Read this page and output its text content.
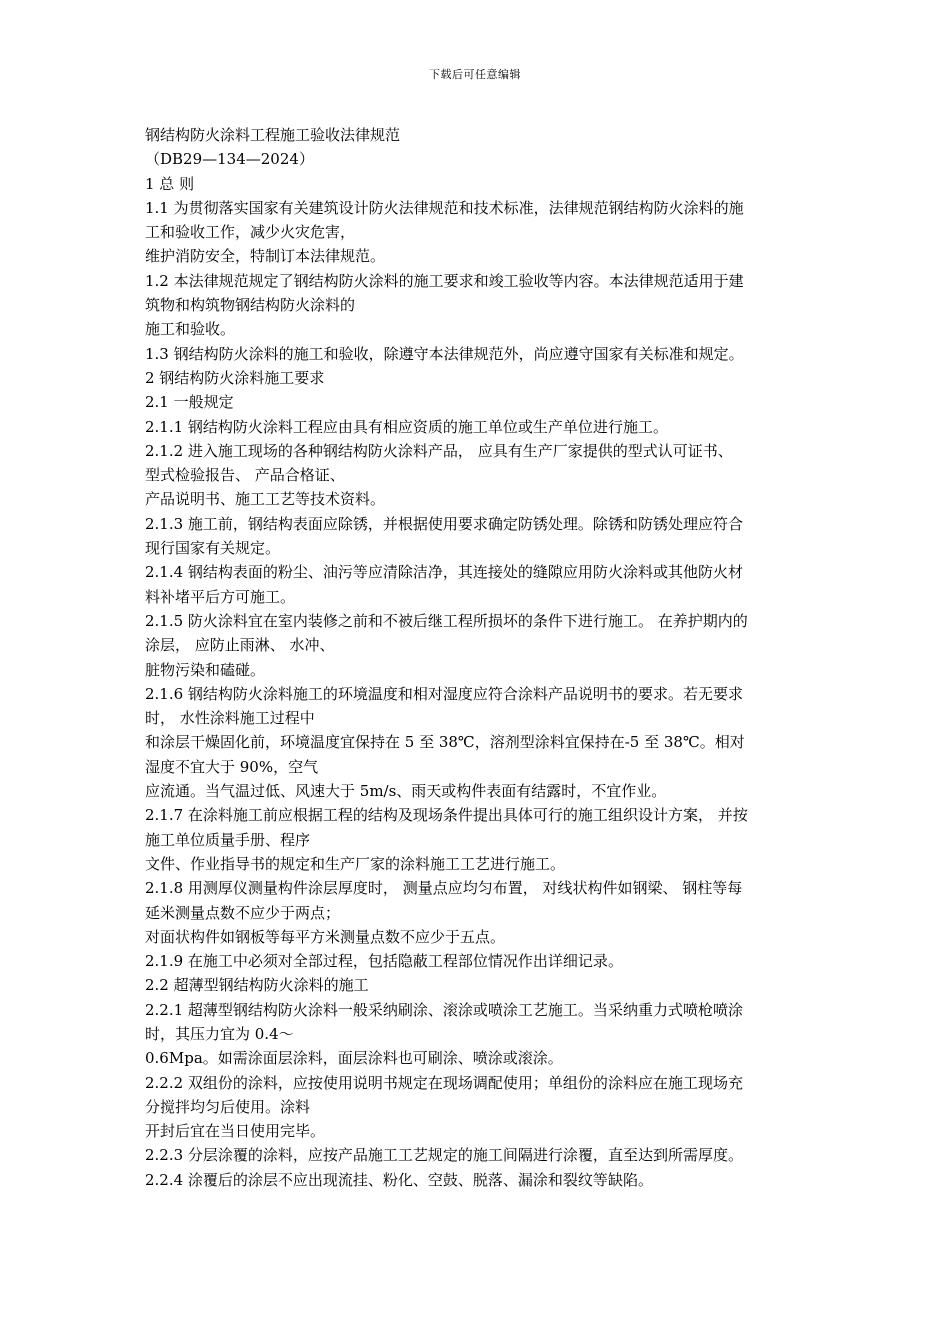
下载后可任意编辑
钢结构防火涂料工程施工验收法律规范
（DB29—134—2024）
1 总 则
1.1 为贯彻落实国家有关建筑设计防火法律规范和技术标准，法律规范钢结构防火涂料的施
工和验收工作，减少火灾危害，
维护消防安全，特制订本法律规范。
1.2 本法律规范规定了钢结构防火涂料的施工要求和竣工验收等内容。本法律规范适用于建
筑物和构筑物钢结构防火涂料的
施工和验收。
1.3 钢结构防火涂料的施工和验收，除遵守本法律规范外，尚应遵守国家有关标准和规定。
2 钢结构防火涂料施工要求
2.1 一般规定
2.1.1 钢结构防火涂料工程应由具有相应资质的施工单位或生产单位进行施工。
2.1.2 进入施工现场的各种钢结构防火涂料产品， 应具有生产厂家提供的型式认可证书、
型式检验报告、 产品合格证、
产品说明书、施工工艺等技术资料。
2.1.3 施工前，钢结构表面应除锈，并根据使用要求确定防锈处理。除锈和防锈处理应符合
现行国家有关规定。
2.1.4 钢结构表面的粉尘、油污等应清除洁净，其连接处的缝隙应用防火涂料或其他防火材
料补堵平后方可施工。
2.1.5 防火涂料宜在室内装修之前和不被后继工程所损坏的条件下进行施工。 在养护期内的
涂层， 应防止雨淋、 水冲、
脏物污染和磕碰。
2.1.6 钢结构防火涂料施工的环境温度和相对湿度应符合涂料产品说明书的要求。若无要求
时， 水性涂料施工过程中
和涂层干燥固化前，环境温度宜保持在 5 至 38℃，溶剂型涂料宜保持在-5 至 38℃。相对
湿度不宜大于 90%，空气
应流通。当气温过低、风速大于 5m/s、雨天或构件表面有结露时，不宜作业。
2.1.7 在涂料施工前应根据工程的结构及现场条件提出具体可行的施工组织设计方案， 并按
施工单位质量手册、程序
文件、作业指导书的规定和生产厂家的涂料施工工艺进行施工。
2.1.8 用测厚仪测量构件涂层厚度时， 测量点应均匀布置， 对线状构件如钢梁、 钢柱等每
延米测量点数不应少于两点；
对面状构件如钢板等每平方米测量点数不应少于五点。
2.1.9 在施工中必须对全部过程，包括隐蔽工程部位情况作出详细记录。
2.2 超薄型钢结构防火涂料的施工
2.2.1 超薄型钢结构防火涂料一般采纳刷涂、滚涂或喷涂工艺施工。当采纳重力式喷枪喷涂
时，其压力宜为 0.4～
0.6Mpa。如需涂面层涂料，面层涂料也可刷涂、喷涂或滚涂。
2.2.2 双组份的涂料，应按使用说明书规定在现场调配使用；单组份的涂料应在施工现场充
分搅拌均匀后使用。涂料
开封后宜在当日使用完毕。
2.2.3 分层涂覆的涂料，应按产品施工工艺规定的施工间隔进行涂覆，直至达到所需厚度。
2.2.4 涂覆后的涂层不应出现流挂、粉化、空鼓、脱落、漏涂和裂纹等缺陷。
